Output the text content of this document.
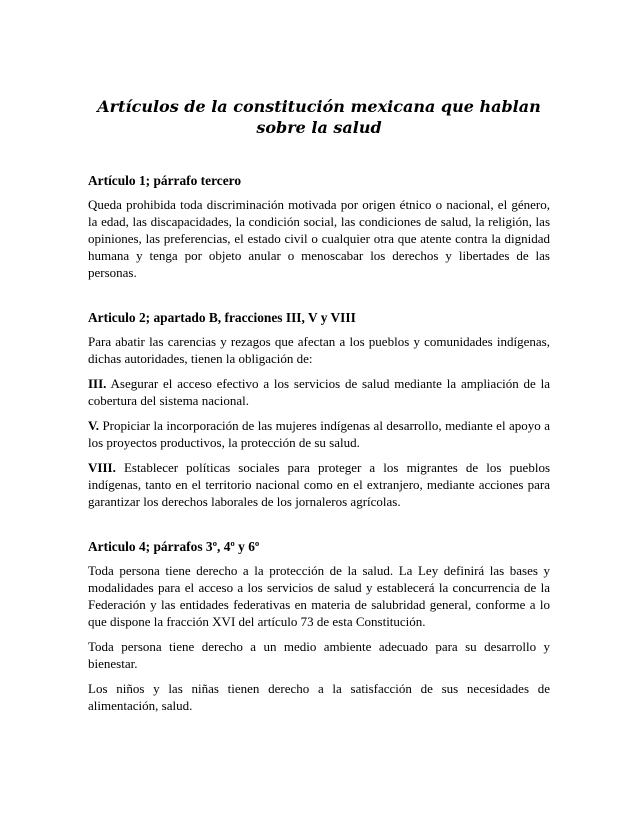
Artículos de la constitución mexicana que hablan sobre la salud

Artículo 1; párrafo tercero

Queda prohibida toda discriminación motivada por origen étnico o nacional, el género, la edad, las discapacidades, la condición social, las condiciones de salud, la religión, las opiniones, las preferencias, el estado civil o cualquier otra que atente contra la dignidad humana y tenga por objeto anular o menoscabar los derechos y libertades de las personas.

Articulo 2; apartado B, fracciones III, V y VIII

Para abatir las carencias y rezagos que afectan a los pueblos y comunidades indígenas, dichas autoridades, tienen la obligación de:

III. Asegurar el acceso efectivo a los servicios de salud mediante la ampliación de la cobertura del sistema nacional.

V. Propiciar la incorporación de las mujeres indígenas al desarrollo, mediante el apoyo a los proyectos productivos, la protección de su salud.

VIII. Establecer políticas sociales para proteger a los migrantes de los pueblos indígenas, tanto en el territorio nacional como en el extranjero, mediante acciones para garantizar los derechos laborales de los jornaleros agrícolas.

Articulo 4; párrafos 3º, 4º y 6º

Toda persona tiene derecho a la protección de la salud. La Ley definirá las bases y modalidades para el acceso a los servicios de salud y establecerá la concurrencia de la Federación y las entidades federativas en materia de salubridad general, conforme a lo que dispone la fracción XVI del artículo 73 de esta Constitución.

Toda persona tiene derecho a un medio ambiente adecuado para su desarrollo y bienestar.

Los niños y las niñas tienen derecho a la satisfacción de sus necesidades de alimentación, salud.
